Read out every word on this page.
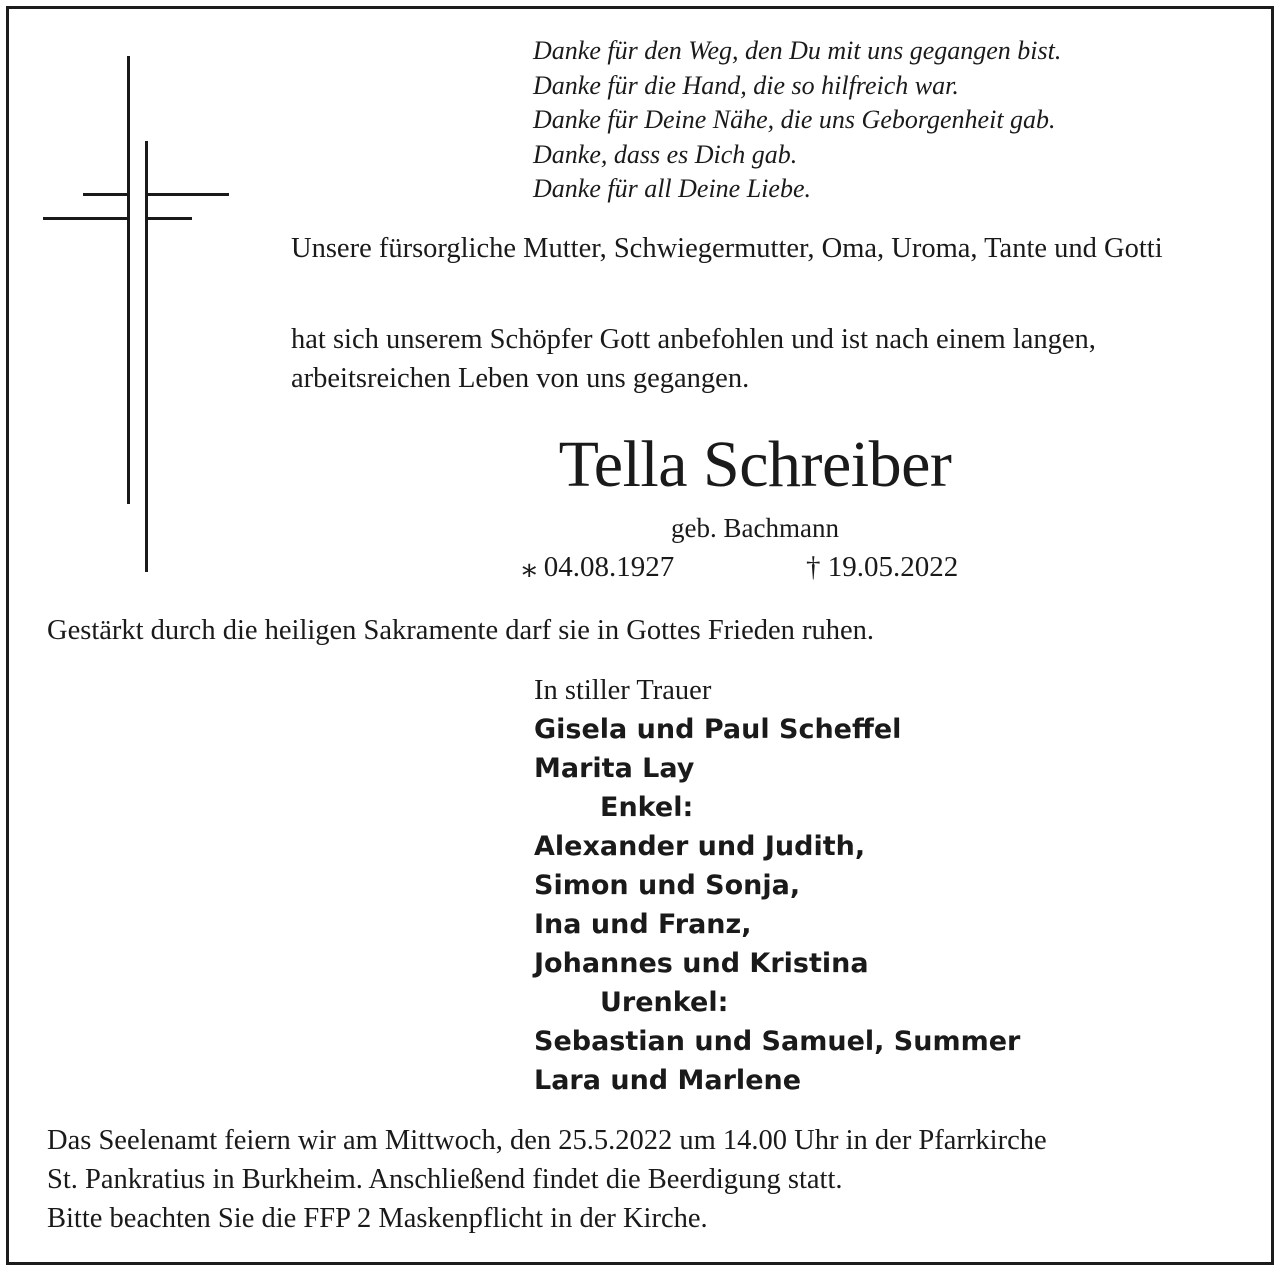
Danke für den Weg, den Du mit uns gegangen bist.
Danke für die Hand, die so hilfreich war.
Danke für Deine Nähe, die uns Geborgenheit gab.
Danke, dass es Dich gab.
Danke für all Deine Liebe.

Unsere fürsorgliche Mutter, Schwiegermutter, Oma, Uroma, Tante und Gotti

hat sich unserem Schöpfer Gott anbefohlen und ist nach einem langen, arbeitsreichen Leben von uns gegangen.

Tella Schreiber
geb. Bachmann
⁎ 04.08.1927	† 19.05.2022
Gestärkt durch die heiligen Sakramente darf sie in Gottes Frieden ruhen.
In stiller Trauer
Gisela und Paul Scheffel
Marita Lay
Enkel:
Alexander und Judith,
Simon und Sonja,
Ina und Franz,
Johannes und Kristina
Urenkel:
Sebastian und Samuel, Summer
Lara und Marlene
Das Seelenamt feiern wir am Mittwoch, den 25.5.2022 um 14.00 Uhr in der Pfarrkirche
St. Pankratius in Burkheim. Anschließend findet die Beerdigung statt.
Bitte beachten Sie die FFP 2 Maskenpflicht in der Kirche.
